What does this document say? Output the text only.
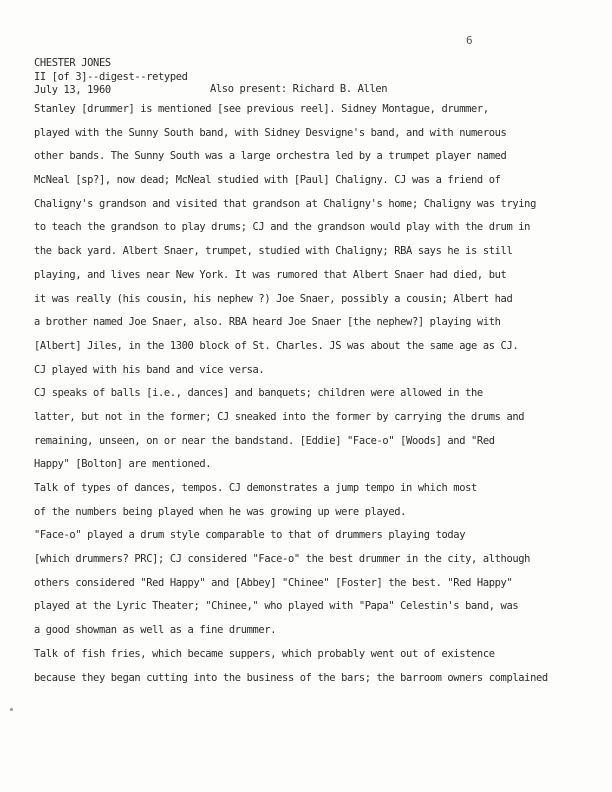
6
CHESTER JONES
II [of 3]--digest--retyped
July 13, 1960	Also present: Richard B. Allen
Stanley [drummer] is mentioned [see previous reel]. Sidney Montague, drummer,
played with the Sunny South band, with Sidney Desvigne's band, and with numerous
other bands. The Sunny South was a large orchestra led by a trumpet player named
McNeal [sp?], now dead; McNeal studied with [Paul] Chaligny. CJ was a friend of
Chaligny's grandson and visited that grandson at Chaligny's home; Chaligny was trying
to teach the grandson to play drums; CJ and the grandson would play with the drum in
the back yard. Albert Snaer, trumpet, studied with Chaligny; RBA says he is still
playing, and lives near New York. It was rumored that Albert Snaer had died, but
it was really (his cousin, his nephew ?) Joe Snaer, possibly a cousin; Albert had
a brother named Joe Snaer, also. RBA heard Joe Snaer [the nephew?] playing with
[Albert] Jiles, in the 1300 block of St. Charles. JS was about the same age as CJ.
CJ played with his band and vice versa.
CJ speaks of balls [i.e., dances] and banquets; children were allowed in the
latter, but not in the former; CJ sneaked into the former by carrying the drums and
remaining, unseen, on or near the bandstand. [Eddie] "Face-o" [Woods] and "Red
Happy" [Bolton] are mentioned.
Talk of types of dances, tempos. CJ demonstrates a jump tempo in which most
of the numbers being played when he was growing up were played.
"Face-o" played a drum style comparable to that of drummers playing today
[which drummers? PRC]; CJ considered "Face-o" the best drummer in the city, although
others considered "Red Happy" and [Abbey] "Chinee" [Foster] the best. "Red Happy"
played at the Lyric Theater; "Chinee," who played with "Papa" Celestin's band, was
a good showman as well as a fine drummer.
Talk of fish fries, which became suppers, which probably went out of existence
because they began cutting into the business of the bars; the barroom owners complained
